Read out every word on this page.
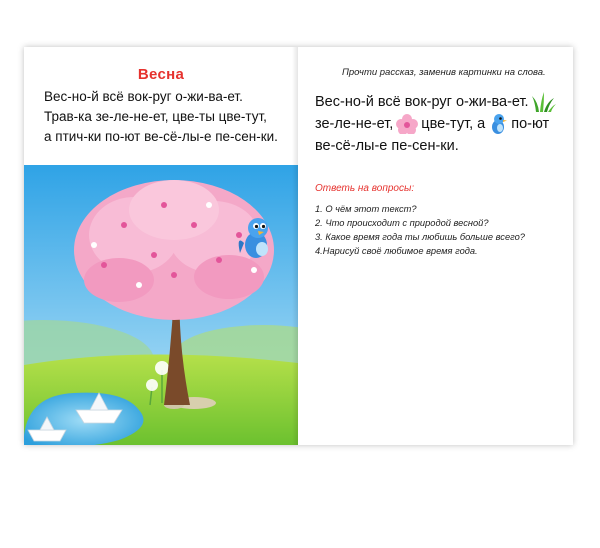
Весна
Вес-но-й всё вок-руг о-жи-ва-ет.
Трав-ка зе-ле-не-ет, цве-ты цве-тут,
а птич-ки по-ют ве-сё-лы-е пе-сен-ки.
Прочти рассказ, заменив картинки на слова.
Вес-но-й всё вок-руг о-жи-ва-ет.
зе-ле-не-ет, цве-тут, а по-ют
ве-сё-лы-е пе-сен-ки.
Ответь на вопросы:
1. О чём этот текст?
2. Что происходит с природой весной?
3. Какое время года ты любишь больше всего?
4.Нарисуй своё любимое время года.
